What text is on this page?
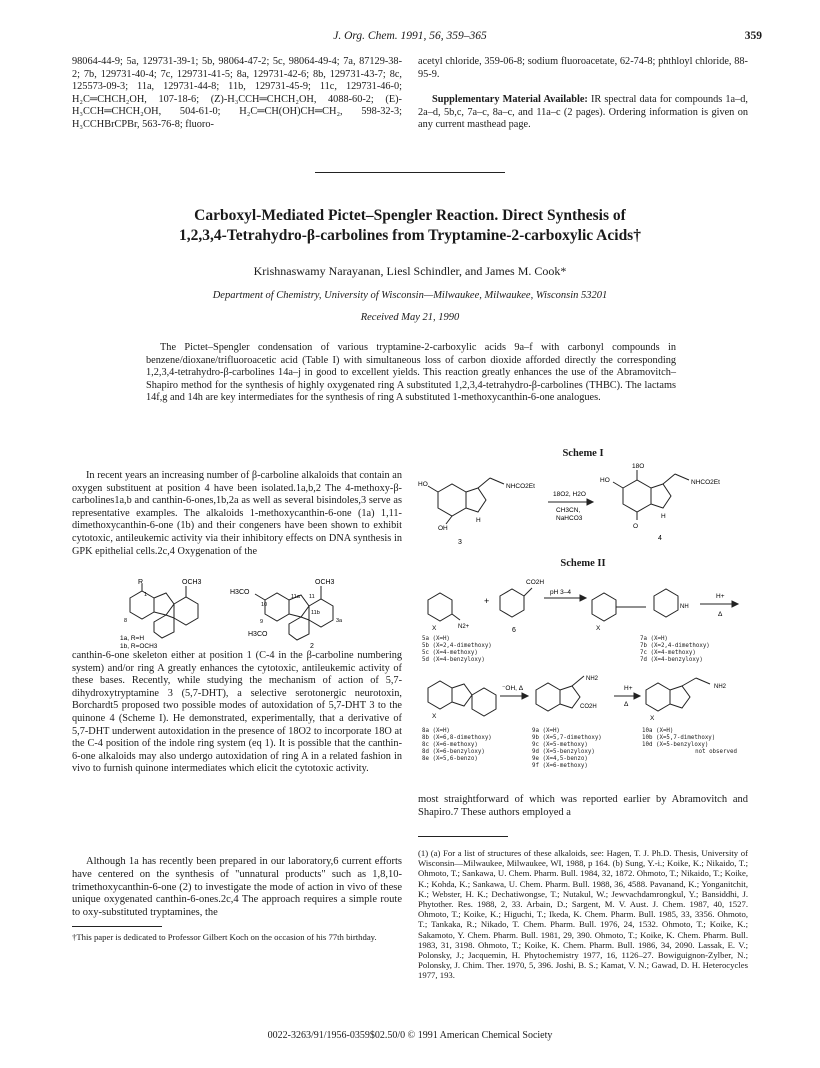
J. Org. Chem. 1991, 56, 359–365	359
98064-44-9; 5a, 129731-39-1; 5b, 98064-47-2; 5c, 98064-49-4; 7a, 87129-38-2; 7b, 129731-40-4; 7c, 129731-41-5; 8a, 129731-42-6; 8b, 129731-43-7; 8c, 125573-09-3; 11a, 129731-44-8; 11b, 129731-45-9; 11c, 129731-46-0; H₂C═CHCH₂OH, 107-18-6; (Z)-H₃CCH═CHCH₂OH, 4088-60-2; (E)-H₃CCH═CHCH₂OH, 504-61-0; H₂C═CH(OH)CH═CH₂, 598-32-3; H₃CCHBrCPBr, 563-76-8; fluoro-
acetyl chloride, 359-06-8; sodium fluoroacetate, 62-74-8; phthloyl chloride, 88-95-9.
Supplementary Material Available: IR spectral data for compounds 1a–d, 2a–d, 5b,c, 7a–c, 8a–c, and 11a–c (2 pages). Ordering information is given on any current masthead page.
Carboxyl-Mediated Pictet–Spengler Reaction. Direct Synthesis of
1,2,3,4-Tetrahydro-β-carbolines from Tryptamine-2-carboxylic Acids†
Krishnaswamy Narayanan, Liesl Schindler, and James M. Cook*
Department of Chemistry, University of Wisconsin—Milwaukee, Milwaukee, Wisconsin 53201
Received May 21, 1990
The Pictet–Spengler condensation of various tryptamine-2-carboxylic acids 9a–f with carbonyl compounds in benzene/dioxane/trifluoroacetic acid (Table I) with simultaneous loss of carbon dioxide afforded directly the corresponding 1,2,3,4-tetrahydro-β-carbolines 14a–j in good to excellent yields. This reaction greatly enhances the use of the Abramovitch–Shapiro method for the synthesis of highly oxygenated ring A substituted 1,2,3,4-tetrahydro-β-carbolines (THBC). The lactams 14f,g and 14h are key intermediates for the synthesis of ring A substituted 1-methoxycanthin-6-one analogues.

In recent years an increasing number of β-carboline alkaloids that contain an oxygen substituent at position 4 have been isolated.1a,b,2 The 4-methoxy-β-carbolines1a,b and canthin-6-ones,1b,2a as well as several bisindoles,3 serve as representative examples. The alkaloids 1-methoxycanthin-6-one (1a) 1,11-dimethoxycanthin-6-one (1b) and their congeners have been shown to exhibit cytotoxic, antileukemic activity via their inhibitory effects on DNA synthesis in GPK epithelial cells.2c,4 Oxygenation of the

R	OCH3
1
8
1a, R=H
1b, R=OCH3
OCH3
H3CO
H3CO
10
11a 11
11b
9	3a
2

canthin-6-one skeleton either at position 1 (C-4 in the β-carboline numbering system) and/or ring A greatly enhances the cytotoxic, antileukemic activity of these bases. Recently, while studying the mechanism of action of 5,7-dihydroxytryptamine 3 (5,7-DHT), a selective serotonergic neurotoxin, Borchardt5 proposed two possible modes of autoxidation of 5,7-DHT 3 to the quinone 4 (Scheme I). He demonstrated, experimentally, that a derivative of 5,7-DHT underwent autoxidation in the presence of 18O2 to incorporate 18O at the C-4 position of the indole ring system (eq 1). It is possible that the canthin-6-one alkaloids may also undergo autoxidation of ring A in a related fashion in vivo to furnish quinone intermediates which elicit the cytotoxic activity.

Although 1a has recently been prepared in our laboratory,6 current efforts have centered on the synthesis of "unnatural products" such as 1,8,10-trimethoxycanthin-6-one (2) to investigate the mode of action in vivo of these unique oxygenated canthin-6-ones.2c,4 The approach requires a simple route to oxy-substituted tryptamines, the

†This paper is dedicated to Professor Gilbert Koch on the occasion of his 77th birthday.
Scheme I
HO	NHCO2Et
OH
H
3
18O2, H2O
CH3CN,
NaHCO3
18O
HO	NHCO2Et
O
H
4
Scheme II
+
N2+
X
CO2H
6
pH 3–4
X
NH
H+
Δ
5a (X=H)
5b (X=2,4-dimethoxy)
5c (X=4-methoxy)
5d (X=4-benzyloxy)
7a (X=H)
7b (X=2,4-dimethoxy)
7c (X=4-methoxy)
7d (X=4-benzyloxy)
X
⁻OH, Δ
CO2H
NH2
H+
Δ
X
NH2
8a (X=H)
8b (X=6,8-dimethoxy)
8c (X=6-methoxy)
8d (X=6-benzyloxy)
8e (X=5,6-benzo)
9a (X=H)
9b (X=5,7-dimethoxy)
9c (X=5-methoxy)
9d (X=5-benzyloxy)
9e (X=4,5-benzo)
9f (X=6-methoxy)
10a (X=H)
10b (X=5,7-dimethoxy)
10d (X=5-benzyloxy)
not observed
most straightforward of which was reported earlier by Abramovitch and Shapiro.7 These authors employed a
(1) (a) For a list of structures of these alkaloids, see: Hagen, T. J. Ph.D. Thesis, University of Wisconsin—Milwaukee, Milwaukee, WI, 1988, p 164. (b) Sung, Y.-i.; Koike, K.; Nikaido, T.; Ohmoto, T.; Sankawa, U. Chem. Pharm. Bull. 1984, 32, 1872. Ohmoto, T.; Nikaido, T.; Koike, K.; Kohda, K.; Sankawa, U. Chem. Pharm. Bull. 1988, 36, 4588. Pavanand, K.; Yonganitchit, K.; Webster, H. K.; Dechatiwongse, T.; Nutakul, W.; Jewvachdamrongkul, Y.; Bansiddhi, J. Phytother. Res. 1988, 2, 33. Arbain, D.; Sargent, M. V. Aust. J. Chem. 1987, 40, 1527. Ohmoto, T.; Koike, K.; Higuchi, T.; Ikeda, K. Chem. Pharm. Bull. 1985, 33, 3356. Ohmoto, T.; Tankaka, R.; Nikado, T. Chem. Pharm. Bull. 1976, 24, 1532. Ohmoto, T.; Koike, K.; Sakamoto, Y. Chem. Pharm. Bull. 1981, 29, 390. Ohmoto, T.; Koike, K. Chem. Pharm. Bull. 1983, 31, 3198. Ohmoto, T.; Koike, K. Chem. Pharm. Bull. 1986, 34, 2090. Lassak, E. V.; Polonsky, J.; Jacquemin, H. Phytochemistry 1977, 16, 1126–27. Bowiguignon-Zylber, N.; Polonsky, J. Chim. Ther. 1970, 5, 396. Joshi, B. S.; Kamat, V. N.; Gawad, D. H. Heterocycles 1977, 193.
0022-3263/91/1956-0359$02.50/0 © 1991 American Chemical Society
